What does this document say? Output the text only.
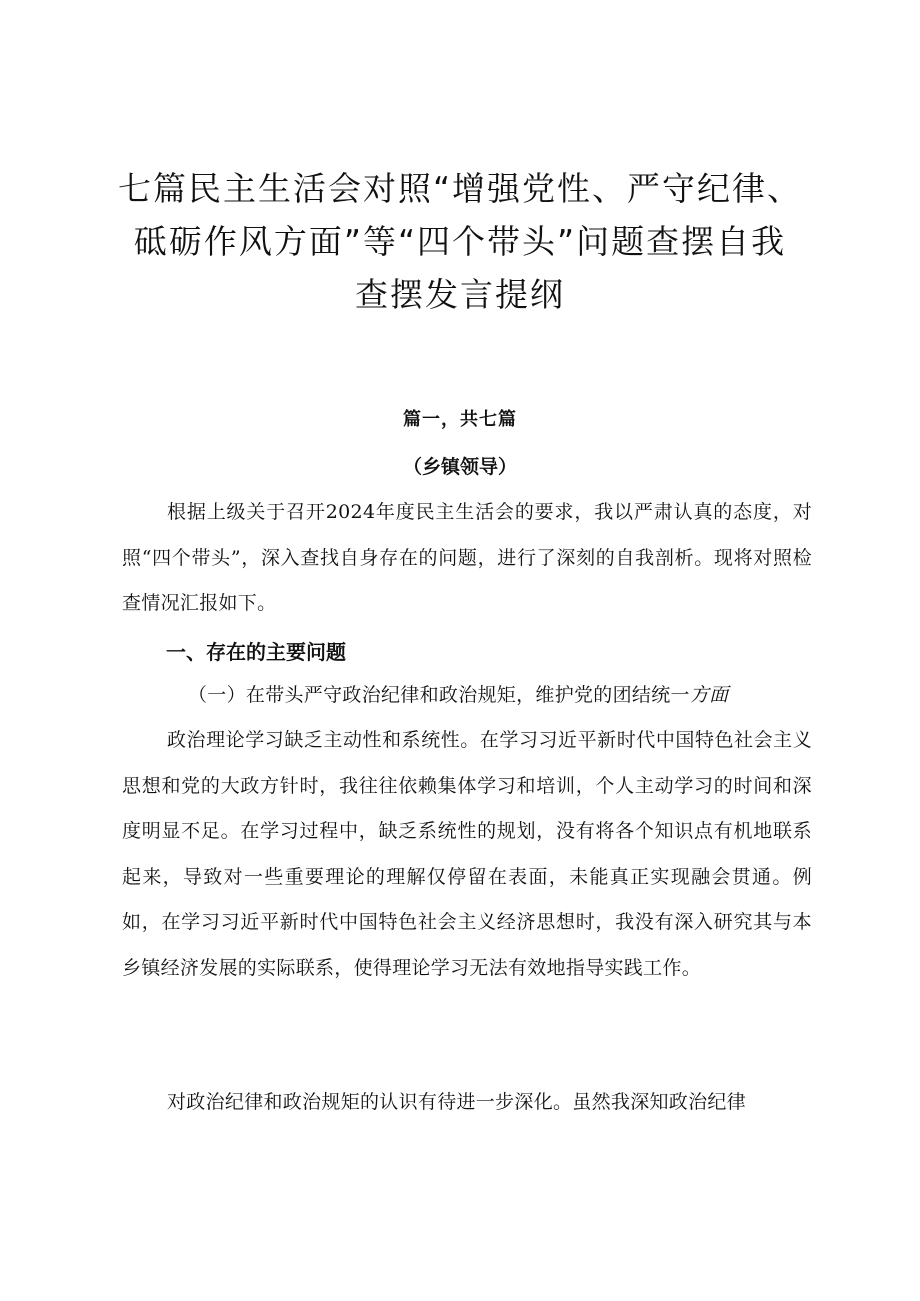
七篇民主生活会对照“增强党性、严守纪律、
砥砺作风方面”等“四个带头”问题查摆自我
查摆发言提纲
篇一，共七篇
（乡镇领导）
根据上级关于召开2024年度民主生活会的要求，我以严肃认真的态度，对照“四个带头”，深入查找自身存在的问题，进行了深刻的自我剖析。现将对照检查情况汇报如下。
一、存在的主要问题
（一）在带头严守政治纪律和政治规矩，维护党的团结统一方面
政治理论学习缺乏主动性和系统性。在学习习近平新时代中国特色社会主义思想和党的大政方针时，我往往依赖集体学习和培训，个人主动学习的时间和深度明显不足。在学习过程中，缺乏系统性的规划，没有将各个知识点有机地联系起来，导致对一些重要理论的理解仅停留在表面，未能真正实现融会贯通。例如，在学习习近平新时代中国特色社会主义经济思想时，我没有深入研究其与本乡镇经济发展的实际联系，使得理论学习无法有效地指导实践工作。
对政治纪律和政治规矩的认识有待进一步深化。虽然我深知政治纪律
